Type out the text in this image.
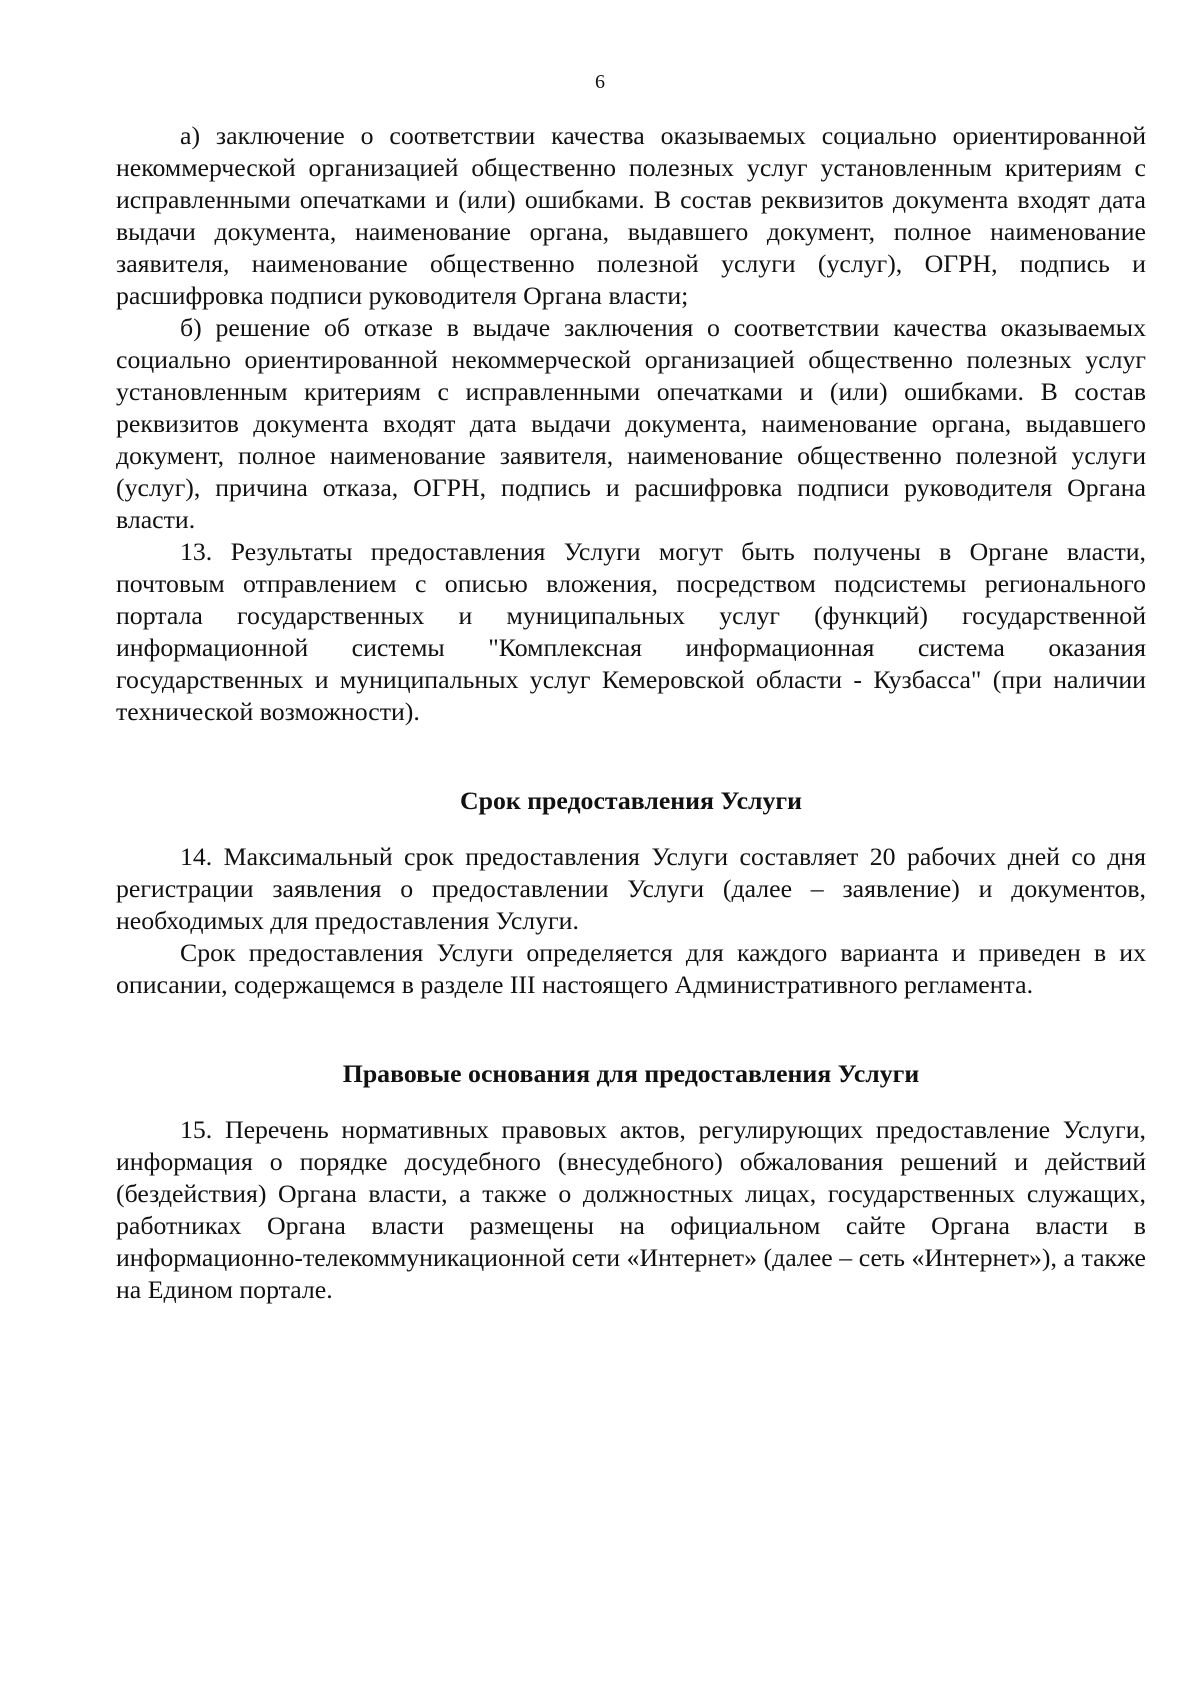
6

а) заключение о соответствии качества оказываемых социально ориентированной некоммерческой организацией общественно полезных услуг установленным критериям с исправленными опечатками и (или) ошибками. В состав реквизитов документа входят дата выдачи документа, наименование органа, выдавшего документ, полное наименование заявителя, наименование общественно полезной услуги (услуг), ОГРН, подпись и расшифровка подписи руководителя Органа власти;

б) решение об отказе в выдаче заключения о соответствии качества оказываемых социально ориентированной некоммерческой организацией общественно полезных услуг установленным критериям с исправленными опечатками и (или) ошибками. В состав реквизитов документа входят дата выдачи документа, наименование органа, выдавшего документ, полное наименование заявителя, наименование общественно полезной услуги (услуг), причина отказа, ОГРН, подпись и расшифровка подписи руководителя Органа власти.

13. Результаты предоставления Услуги могут быть получены в Органе власти, почтовым отправлением с описью вложения, посредством подсистемы регионального портала государственных и муниципальных услуг (функций) государственной информационной системы "Комплексная информационная система оказания государственных и муниципальных услуг Кемеровской области - Кузбасса" (при наличии технической возможности).

Срок предоставления Услуги

14. Максимальный срок предоставления Услуги составляет 20 рабочих дней со дня регистрации заявления о предоставлении Услуги (далее – заявление) и документов, необходимых для предоставления Услуги.

Срок предоставления Услуги определяется для каждого варианта и приведен в их описании, содержащемся в разделе III настоящего Административного регламента.

Правовые основания для предоставления Услуги

15. Перечень нормативных правовых актов, регулирующих предоставление Услуги, информация о порядке досудебного (внесудебного) обжалования решений и действий (бездействия) Органа власти, а также о должностных лицах, государственных служащих, работниках Органа власти размещены на официальном сайте Органа власти в информационно-телекоммуникационной сети «Интернет» (далее – сеть «Интернет»), а также на Едином портале.
